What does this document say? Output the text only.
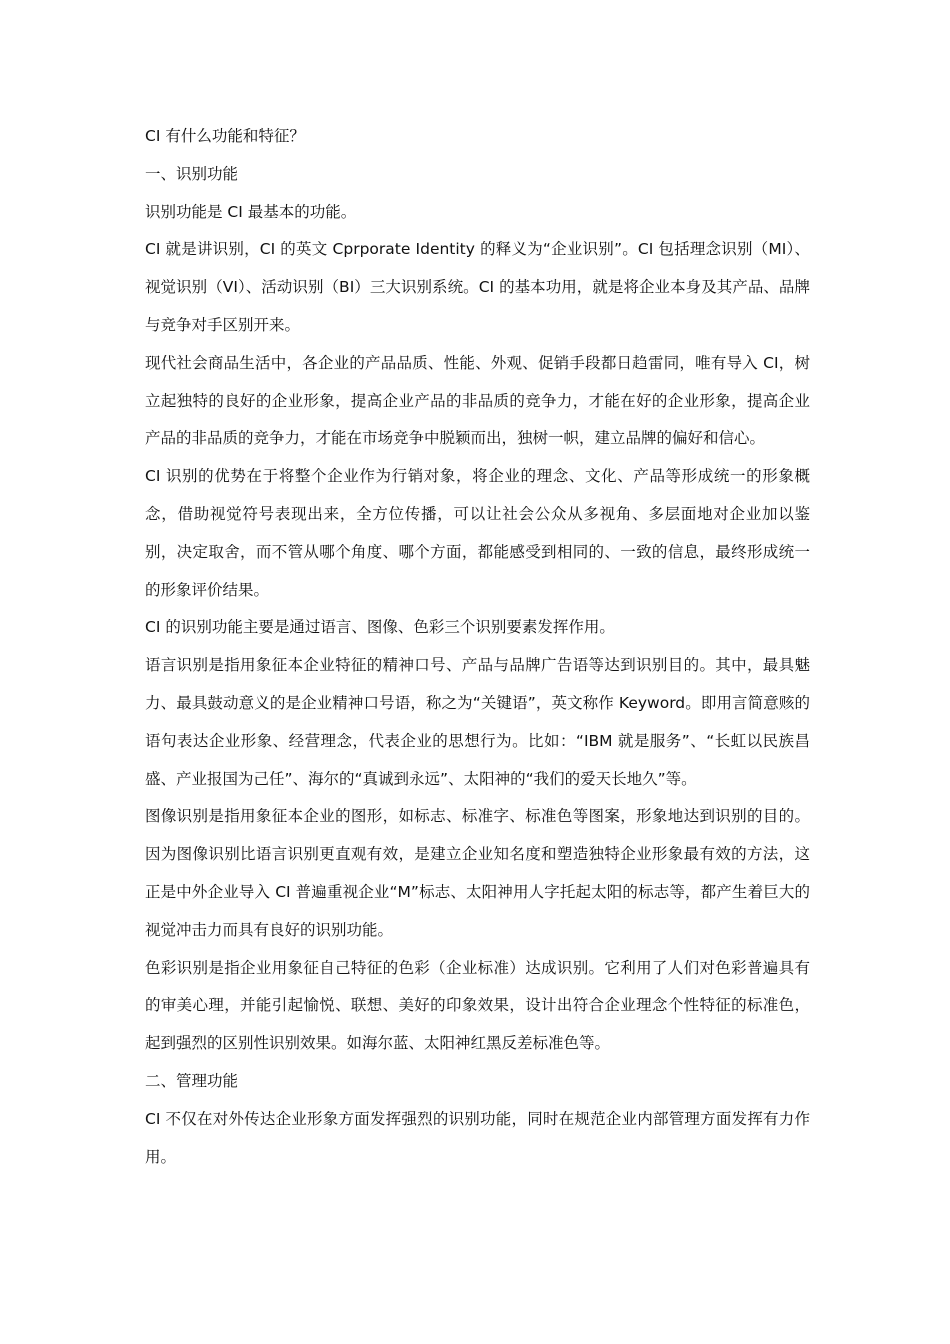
CI 有什么功能和特征？

一、识别功能

识别功能是 CI 最基本的功能。

CI 就是讲识别，CI 的英文 Cprporate Identity 的释义为“企业识别”。CI 包括理念识别（MI）、视觉识别（VI）、活动识别（BI）三大识别系统。CI 的基本功用，就是将企业本身及其产品、品牌与竞争对手区别开来。

现代社会商品生活中，各企业的产品品质、性能、外观、促销手段都日趋雷同，唯有导入 CI，树立起独特的良好的企业形象，提高企业产品的非品质的竞争力，才能在好的企业形象，提高企业产品的非品质的竞争力，才能在市场竞争中脱颖而出，独树一帜，建立品牌的偏好和信心。

CI 识别的优势在于将整个企业作为行销对象，将企业的理念、文化、产品等形成统一的形象概念，借助视觉符号表现出来，全方位传播，可以让社会公众从多视角、多层面地对企业加以鉴别，决定取舍，而不管从哪个角度、哪个方面，都能感受到相同的、一致的信息，最终形成统一的形象评价结果。

CI 的识别功能主要是通过语言、图像、色彩三个识别要素发挥作用。

语言识别是指用象征本企业特征的精神口号、产品与品牌广告语等达到识别目的。其中，最具魅力、最具鼓动意义的是企业精神口号语，称之为“关键语”，英文称作 Keyword。即用言简意赅的语句表达企业形象、经营理念，代表企业的思想行为。比如：“IBM 就是服务”、“长虹以民族昌盛、产业报国为己任”、海尔的“真诚到永远”、太阳神的“我们的爱天长地久”等。

图像识别是指用象征本企业的图形，如标志、标准字、标准色等图案，形象地达到识别的目的。因为图像识别比语言识别更直观有效，是建立企业知名度和塑造独特企业形象最有效的方法，这正是中外企业导入 CI 普遍重视企业“M”标志、太阳神用人字托起太阳的标志等，都产生着巨大的视觉冲击力而具有良好的识别功能。

色彩识别是指企业用象征自己特征的色彩（企业标准）达成识别。它利用了人们对色彩普遍具有的审美心理，并能引起愉悦、联想、美好的印象效果，设计出符合企业理念个性特征的标准色，起到强烈的区别性识别效果。如海尔蓝、太阳神红黑反差标准色等。

二、管理功能

CI 不仅在对外传达企业形象方面发挥强烈的识别功能，同时在规范企业内部管理方面发挥有力作用。
